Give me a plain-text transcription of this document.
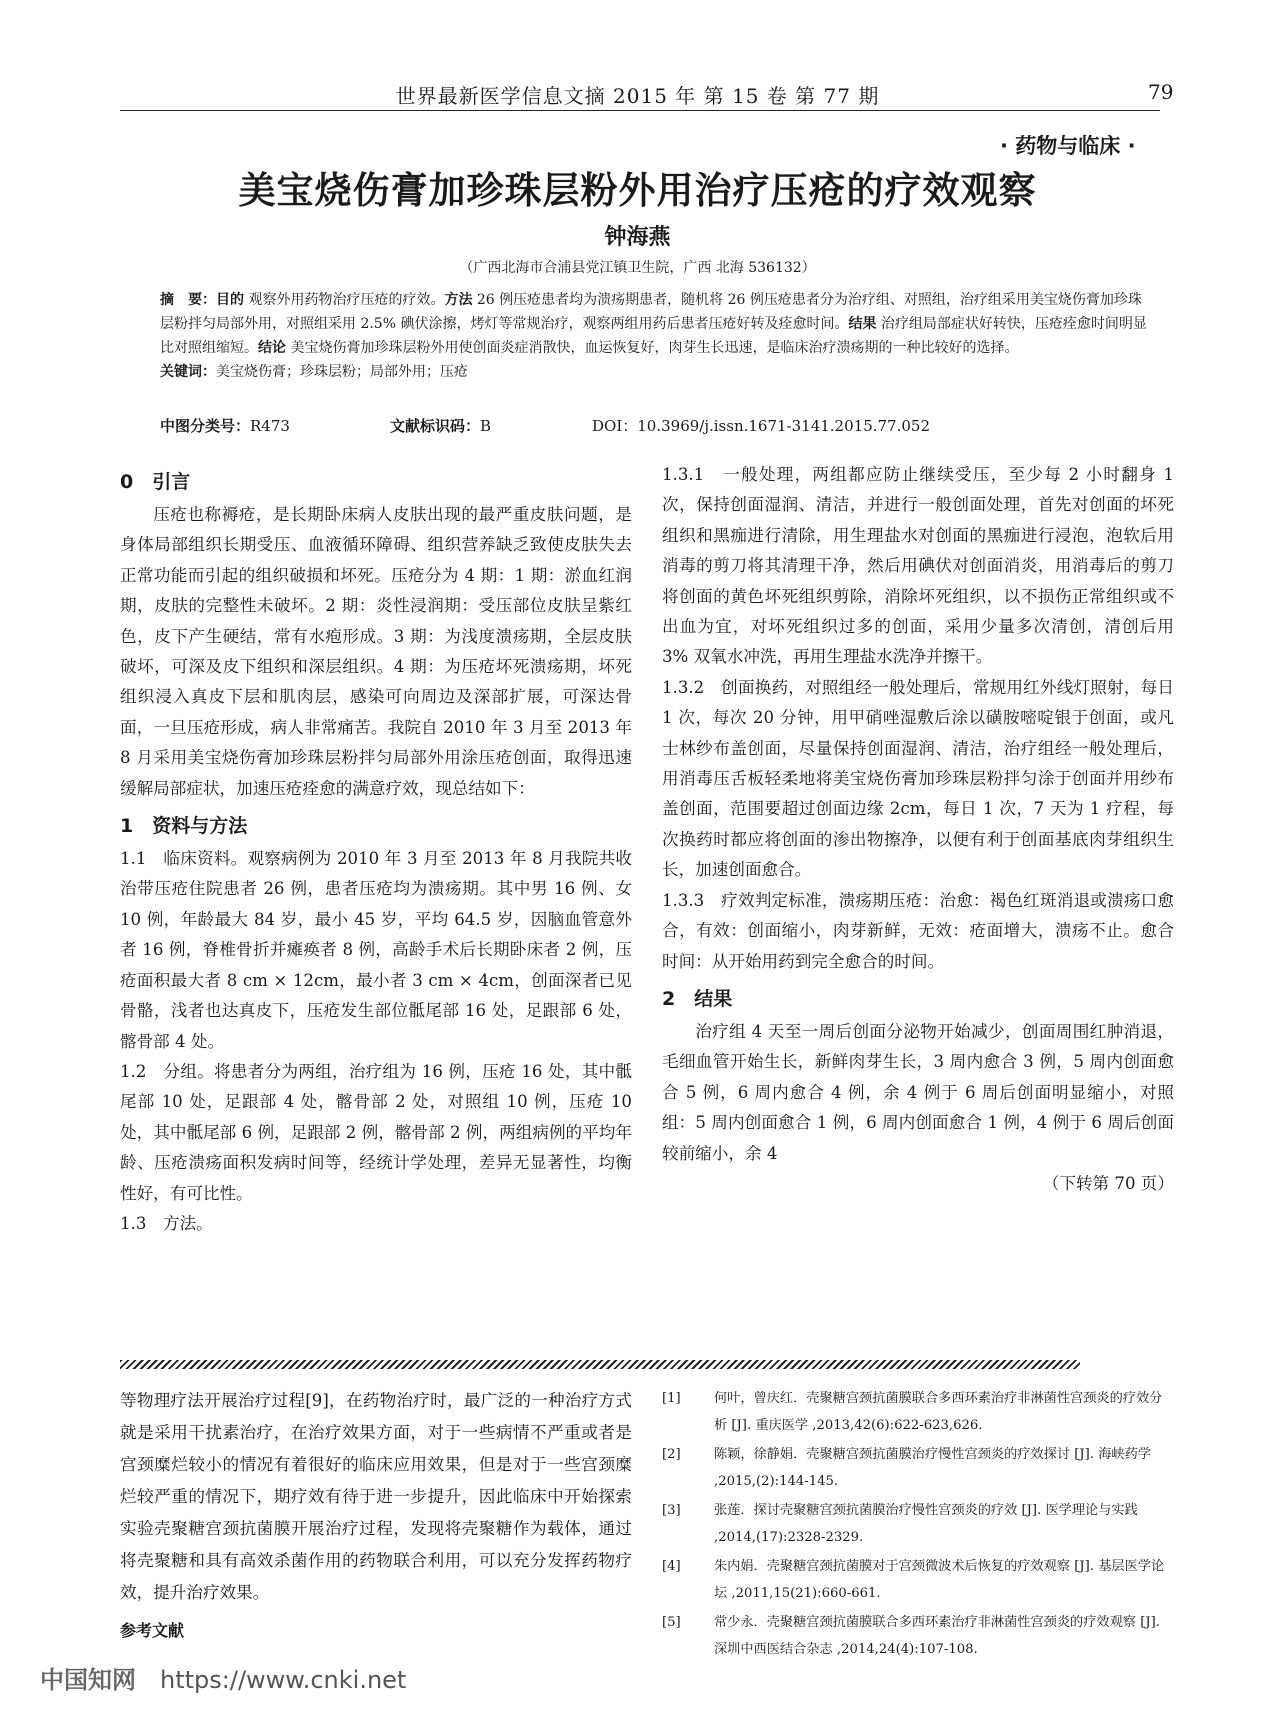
世界最新医学信息文摘 2015 年 第 15 卷 第 77 期	79
· 药物与临床 ·
美宝烧伤膏加珍珠层粉外用治疗压疮的疗效观察
钟海燕
（广西北海市合浦县党江镇卫生院，广西 北海 536132）
摘　要：目的 观察外用药物治疗压疮的疗效。方法 26 例压疮患者均为溃疡期患者，随机将 26 例压疮患者分为治疗组、对照组，治疗组采用美宝烧伤膏加珍珠层粉拌匀局部外用，对照组采用 2.5% 碘伏涂擦，烤灯等常规治疗，观察两组用药后患者压疮好转及痊愈时间。结果 治疗组局部症状好转快，压疮痊愈时间明显比对照组缩短。结论 美宝烧伤膏加珍珠层粉外用使创面炎症消散快，血运恢复好，肉芽生长迅速，是临床治疗溃疡期的一种比较好的选择。
关键词：美宝烧伤膏；珍珠层粉；局部外用；压疮
中图分类号：R473	文献标识码：B	DOI：10.3969/j.issn.1671-3141.2015.77.052
0　引言

压疮也称褥疮，是长期卧床病人皮肤出现的最严重皮肤问题，是身体局部组织长期受压、血液循环障碍、组织营养缺乏致使皮肤失去正常功能而引起的组织破损和坏死。压疮分为 4 期：1 期：淤血红润期，皮肤的完整性未破坏。2 期：炎性浸润期：受压部位皮肤呈紫红色，皮下产生硬结，常有水疱形成。3 期：为浅度溃疡期，全层皮肤破坏，可深及皮下组织和深层组织。4 期：为压疮坏死溃疡期，坏死组织浸入真皮下层和肌肉层，感染可向周边及深部扩展，可深达骨面，一旦压疮形成，病人非常痛苦。我院自 2010 年 3 月至 2013 年 8 月采用美宝烧伤膏加珍珠层粉拌匀局部外用涂压疮创面，取得迅速缓解局部症状，加速压疮痊愈的满意疗效，现总结如下：

1　资料与方法

1.1　临床资料。观察病例为 2010 年 3 月至 2013 年 8 月我院共收治带压疮住院患者 26 例，患者压疮均为溃疡期。其中男 16 例、女 10 例，年龄最大 84 岁，最小 45 岁，平均 64.5 岁，因脑血管意外者 16 例，脊椎骨折并瘫痪者 8 例，高龄手术后长期卧床者 2 例，压疮面积最大者 8 cm × 12cm，最小者 3 cm × 4cm，创面深者已见骨骼，浅者也达真皮下，压疮发生部位骶尾部 16 处，足跟部 6 处，髂骨部 4 处。

1.2　分组。将患者分为两组，治疗组为 16 例，压疮 16 处，其中骶尾部 10 处，足跟部 4 处，髂骨部 2 处，对照组 10 例，压疮 10 处，其中骶尾部 6 例，足跟部 2 例，髂骨部 2 例，两组病例的平均年龄、压疮溃疡面积发病时间等，经统计学处理，差异无显著性，均衡性好，有可比性。

1.3　方法。

1.3.1　一般处理，两组都应防止继续受压，至少每 2 小时翻身 1 次，保持创面湿润、清洁，并进行一般创面处理，首先对创面的坏死组织和黑痂进行清除，用生理盐水对创面的黑痂进行浸泡，泡软后用消毒的剪刀将其清理干净，然后用碘伏对创面消炎，用消毒后的剪刀将创面的黄色坏死组织剪除，消除坏死组织，以不损伤正常组织或不出血为宜，对坏死组织过多的创面，采用少量多次清创，清创后用 3% 双氧水冲洗，再用生理盐水洗净并擦干。

1.3.2　创面换药，对照组经一般处理后，常规用红外线灯照射，每日 1 次，每次 20 分钟，用甲硝唑湿敷后涂以磺胺嘧啶银于创面，或凡士林纱布盖创面，尽量保持创面湿润、清洁，治疗组经一般处理后，用消毒压舌板轻柔地将美宝烧伤膏加珍珠层粉拌匀涂于创面并用纱布盖创面，范围要超过创面边缘 2cm，每日 1 次，7 天为 1 疗程，每次换药时都应将创面的渗出物擦净，以便有利于创面基底肉芽组织生长，加速创面愈合。

1.3.3　疗效判定标准，溃疡期压疮：治愈：褐色红斑消退或溃疡口愈合，有效：创面缩小，肉芽新鲜，无效：疮面增大，溃疡不止。愈合时间：从开始用药到完全愈合的时间。

2　结果

治疗组 4 天至一周后创面分泌物开始减少，创面周围红肿消退，毛细血管开始生长，新鲜肉芽生长，3 周内愈合 3 例，5 周内创面愈合 5 例，6 周内愈合 4 例，余 4 例于 6 周后创面明显缩小，对照组：5 周内创面愈合 1 例，6 周内创面愈合 1 例，4 例于 6 周后创面较前缩小，余 4

（下转第 70 页）

等物理疗法开展治疗过程[9]，在药物治疗时，最广泛的一种治疗方式就是采用干扰素治疗，在治疗效果方面，对于一些病情不严重或者是宫颈糜烂较小的情况有着很好的临床应用效果，但是对于一些宫颈糜烂较严重的情况下，期疗效有待于进一步提升，因此临床中开始探索实验壳聚糖宫颈抗菌膜开展治疗过程，发现将壳聚糖作为载体，通过将壳聚糖和具有高效杀菌作用的药物联合利用，可以充分发挥药物疗效，提升治疗效果。

参考文献
[1]	何叶，曾庆红．壳聚糖宫颈抗菌膜联合多西环素治疗非淋菌性宫颈炎的疗效分析 [J]. 重庆医学 ,2013,42(6):622-623,626.
[2]	陈颖，徐静娟．壳聚糖宫颈抗菌膜治疗慢性宫颈炎的疗效探讨 [J]. 海峡药学 ,2015,(2):144-145.
[3]	张莲．探讨壳聚糖宫颈抗菌膜治疗慢性宫颈炎的疗效 [J]. 医学理论与实践 ,2014,(17):2328-2329.
[4]	朱内娟．壳聚糖宫颈抗菌膜对于宫颈微波术后恢复的疗效观察 [J]. 基层医学论坛 ,2011,15(21):660-661.
[5]	常少永．壳聚糖宫颈抗菌膜联合多西环素治疗非淋菌性宫颈炎的疗效观察 [J]. 深圳中西医结合杂志 ,2014,24(4):107-108.
中国知网 https://www.cnki.net
